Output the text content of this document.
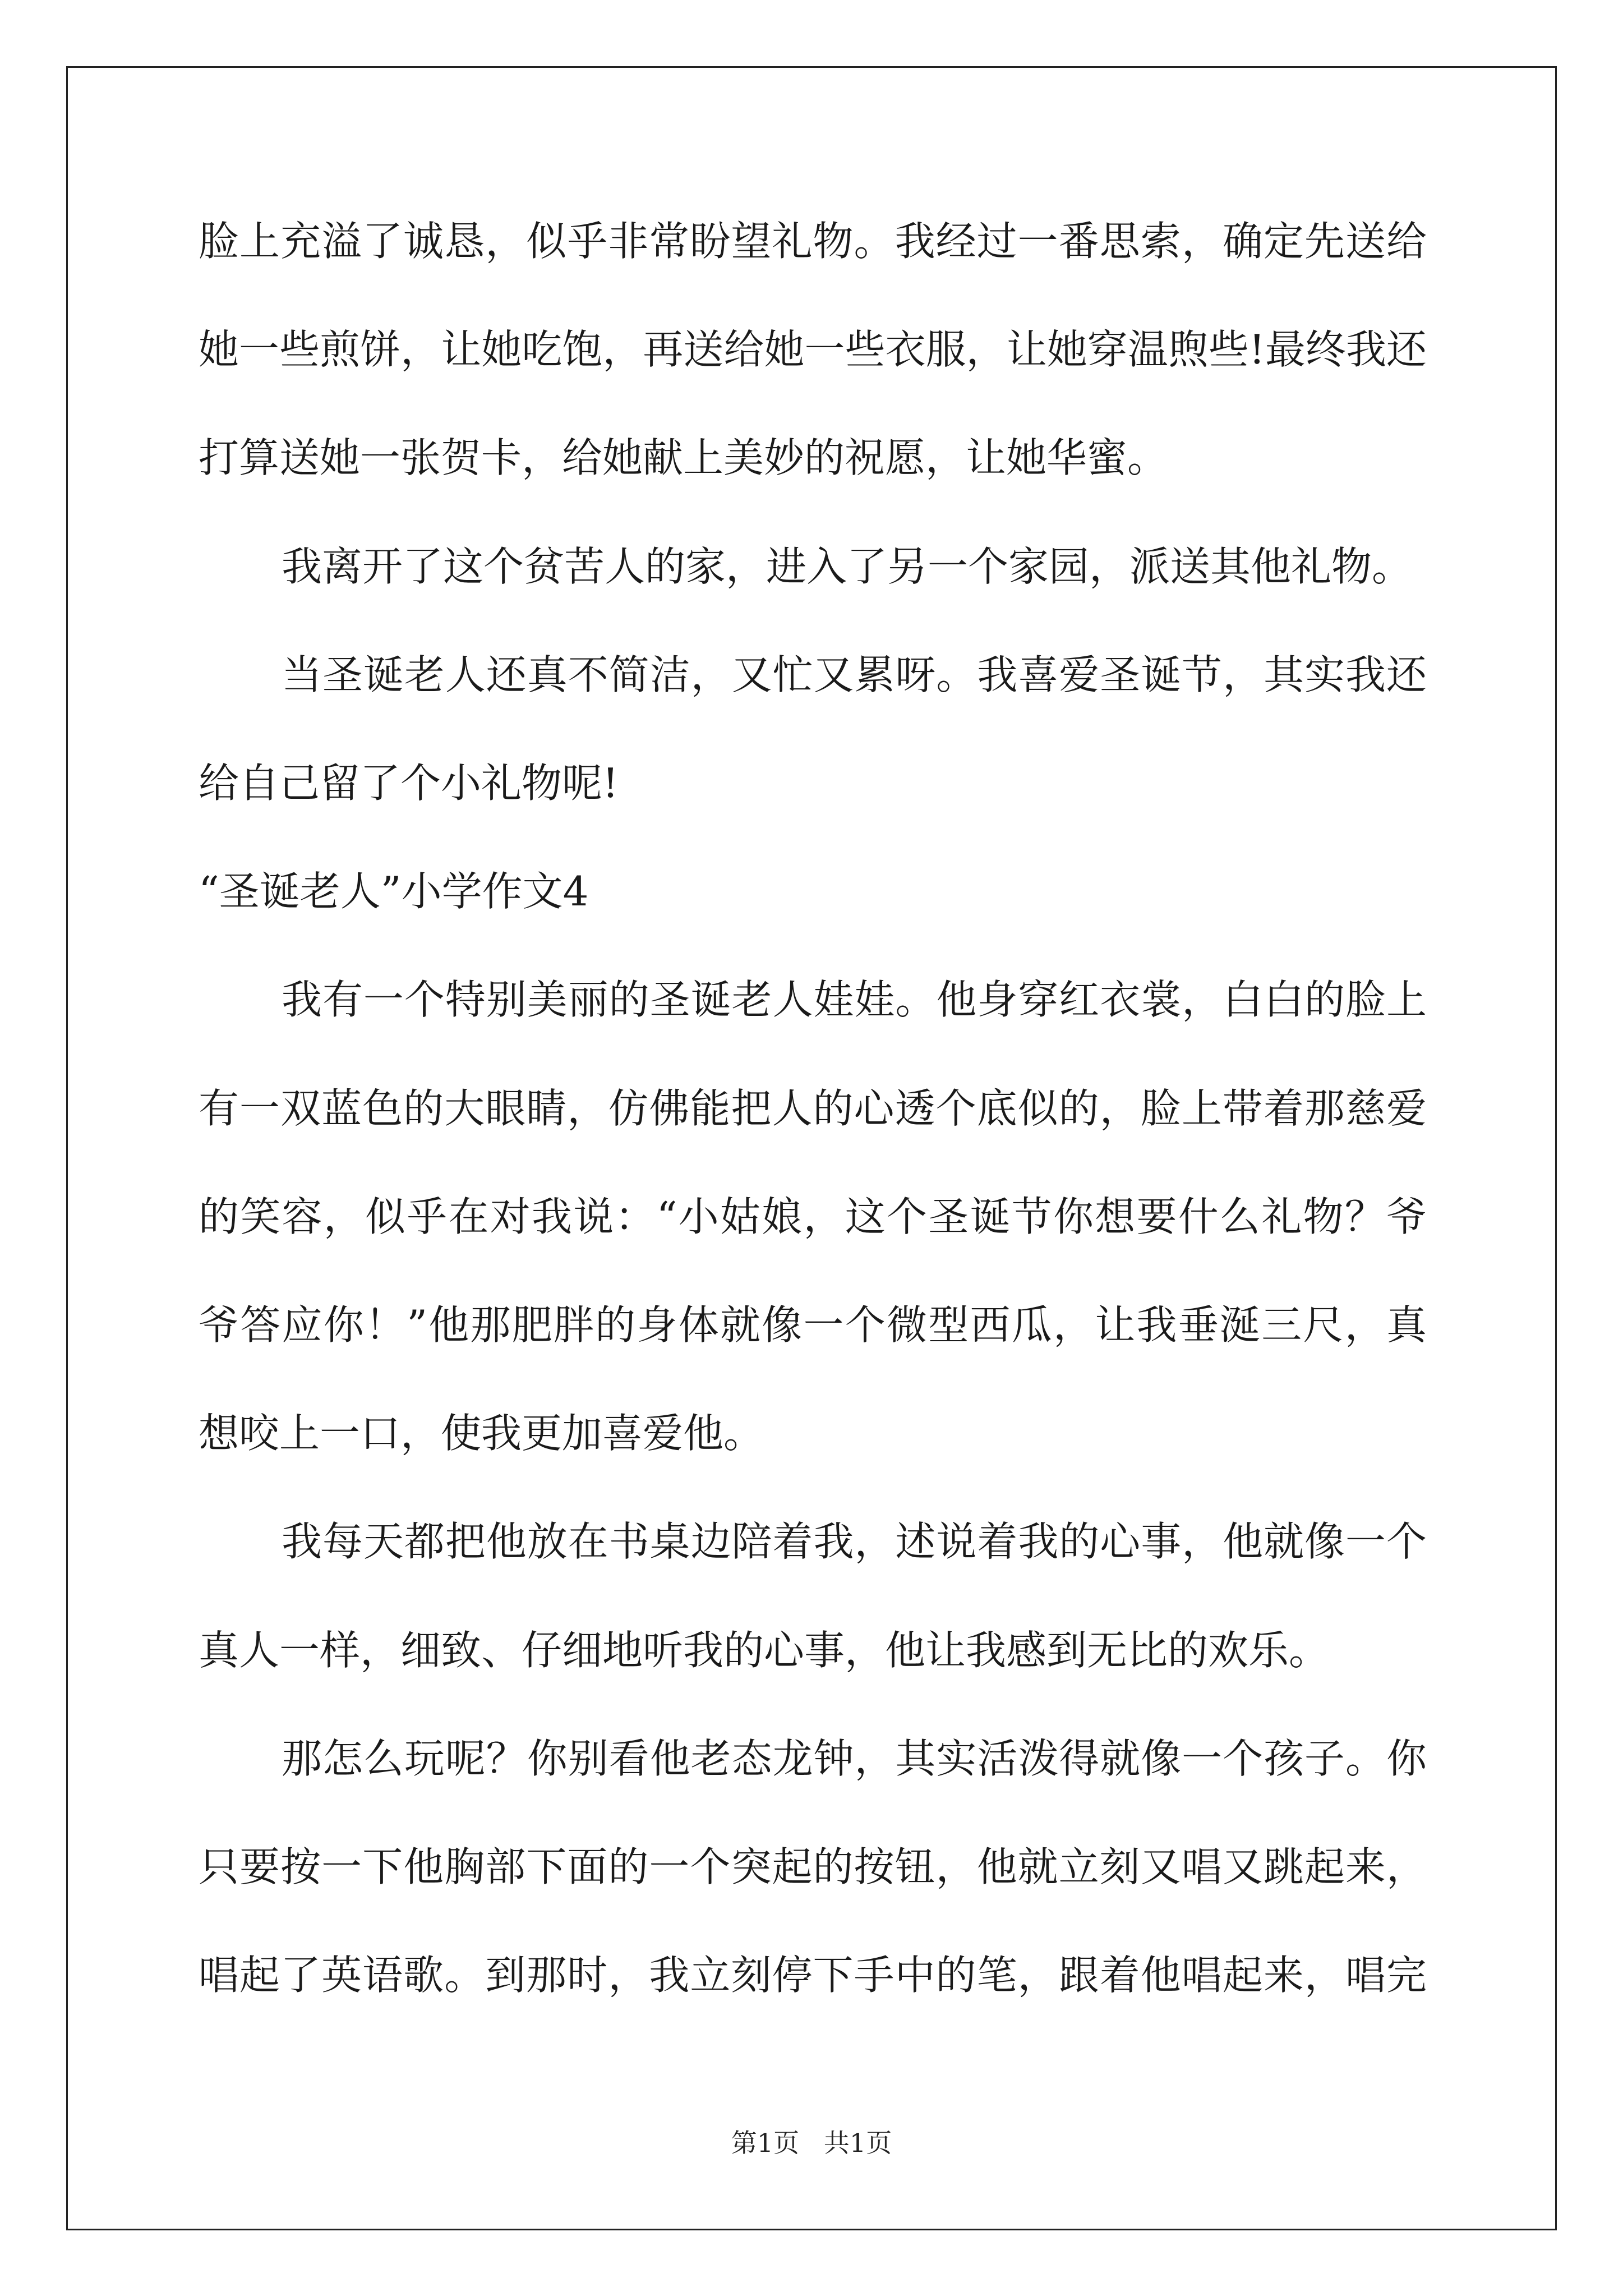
脸上充溢了诚恳，似乎非常盼望礼物。我经过一番思索，确定先送给
她一些煎饼，让她吃饱，再送给她一些衣服，让她穿温煦些!最终我还
打算送她一张贺卡，给她献上美妙的祝愿，让她华蜜。
我离开了这个贫苦人的家，进入了另一个家园，派送其他礼物。
当圣诞老人还真不简洁，又忙又累呀。我喜爱圣诞节，其实我还
给自己留了个小礼物呢!
“圣诞老人”小学作文4
我有一个特别美丽的圣诞老人娃娃。他身穿红衣裳，白白的脸上
有一双蓝色的大眼睛，仿佛能把人的心透个底似的，脸上带着那慈爱
的笑容，似乎在对我说：“小姑娘，这个圣诞节你想要什么礼物？爷
爷答应你！”他那肥胖的身体就像一个微型西瓜，让我垂涎三尺，真
想咬上一口，使我更加喜爱他。
我每天都把他放在书桌边陪着我，述说着我的心事，他就像一个
真人一样，细致、仔细地听我的心事，他让我感到无比的欢乐。
那怎么玩呢？你别看他老态龙钟，其实活泼得就像一个孩子。你
只要按一下他胸部下面的一个突起的按钮，他就立刻又唱又跳起来，
唱起了英语歌。到那时，我立刻停下手中的笔，跟着他唱起来，唱完
第1页   共1页
